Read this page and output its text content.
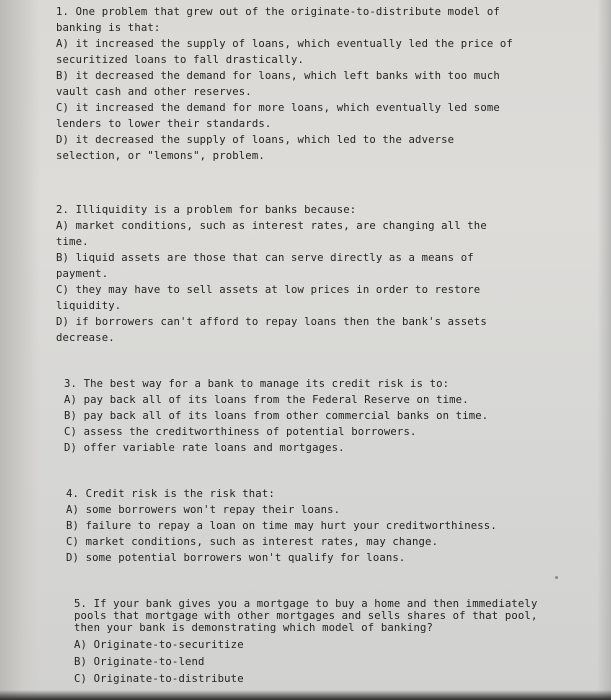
1. One problem that grew out of the originate-to-distribute model of
banking is that:
A) it increased the supply of loans, which eventually led the price of
securitized loans to fall drastically.
B) it decreased the demand for loans, which left banks with too much
vault cash and other reserves.
C) it increased the demand for more loans, which eventually led some
lenders to lower their standards.
D) it decreased the supply of loans, which led to the adverse
selection, or "lemons", problem.
2. Illiquidity is a problem for banks because:
A) market conditions, such as interest rates, are changing all the
time.
B) liquid assets are those that can serve directly as a means of
payment.
C) they may have to sell assets at low prices in order to restore
liquidity.
D) if borrowers can't afford to repay loans then the bank's assets
decrease.
3. The best way for a bank to manage its credit risk is to:
A) pay back all of its loans from the Federal Reserve on time.
B) pay back all of its loans from other commercial banks on time.
C) assess the creditworthiness of potential borrowers.
D) offer variable rate loans and mortgages.
4. Credit risk is the risk that:
A) some borrowers won't repay their loans.
B) failure to repay a loan on time may hurt your creditworthiness.
C) market conditions, such as interest rates, may change.
D) some potential borrowers won't qualify for loans.
5. If your bank gives you a mortgage to buy a home and then immediately
pools that mortgage with other mortgages and sells shares of that pool,
then your bank is demonstrating which model of banking?
A) Originate-to-securitize
B) Originate-to-lend
C) Originate-to-distribute
